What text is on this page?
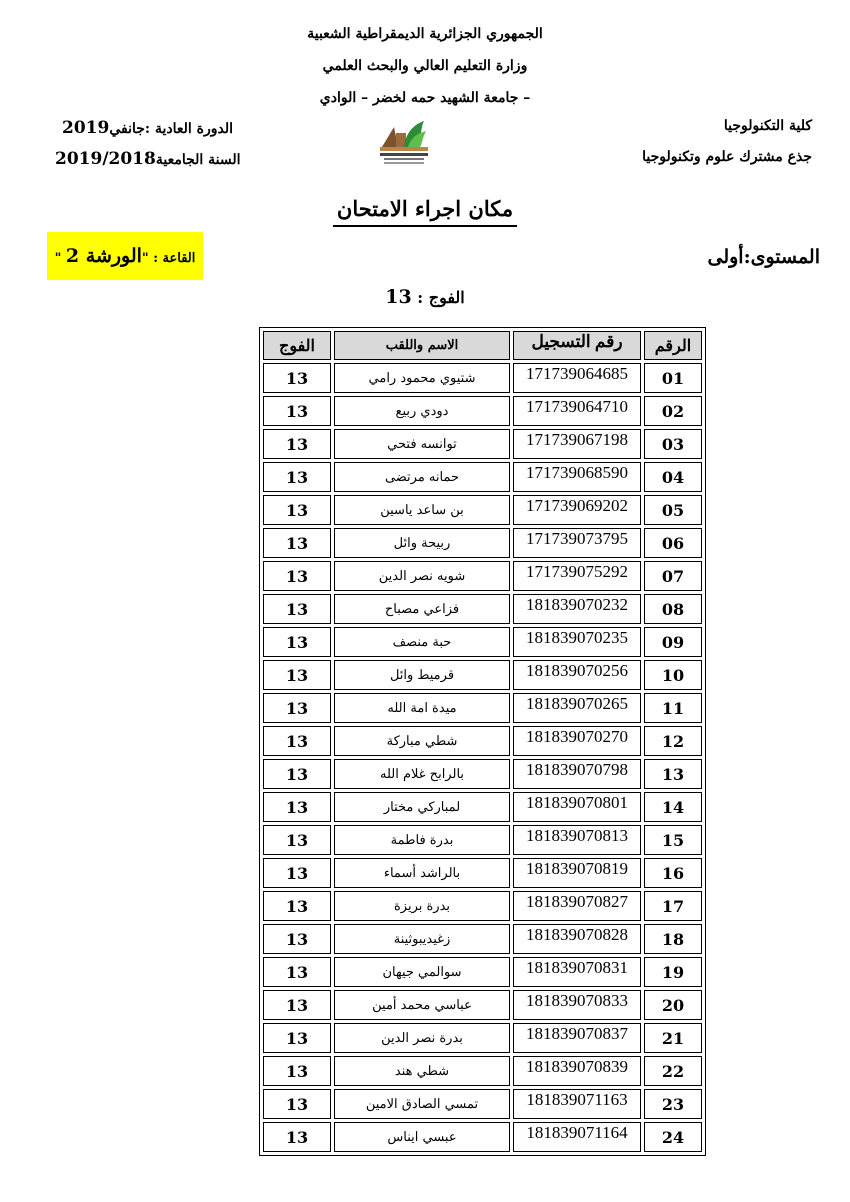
الجمهوري الجزائرية الديمقراطية الشعبية
وزارة التعليم العالي والبحث العلمي
جامعة الشهيد حمه لخضر – الوادي –
كلية التكنولوجيا
جذع مشترك علوم وتكنولوجيا
الدورة العادية :جانفي2019
السنة الجامعية2019/2018
مكان اجراء الامتحان
المستوى:أولى
القاعة : "الورشة 2 "
الفوج : 13
الرقم	رقم التسجيل	الاسم واللقب	الفوج
01	171739064685	شتيوي محمود رامي	13
02	171739064710	دودي ربيع	13
03	171739067198	توانسه فتحي	13
04	171739068590	حمانه مرتضى	13
05	171739069202	بن ساعد ياسين	13
06	171739073795	ربيحة وائل	13
07	171739075292	شويه نصر الدين	13
08	181839070232	فزاعي مصباح	13
09	181839070235	حبة منصف	13
10	181839070256	قرميط وائل	13
11	181839070265	ميدة امة الله	13
12	181839070270	شطي مباركة	13
13	181839070798	بالرابح غلام الله	13
14	181839070801	لمباركي مختار	13
15	181839070813	بدرة فاطمة	13
16	181839070819	بالراشد أسماء	13
17	181839070827	بدرة بريزة	13
18	181839070828	زغيديبوثينة	13
19	181839070831	سوالمي جيهان	13
20	181839070833	عباسي محمد أمين	13
21	181839070837	بدرة نصر الدين	13
22	181839070839	شطي هند	13
23	181839071163	تمسي الصادق الامين	13
24	181839071164	عبسي ايناس	13
